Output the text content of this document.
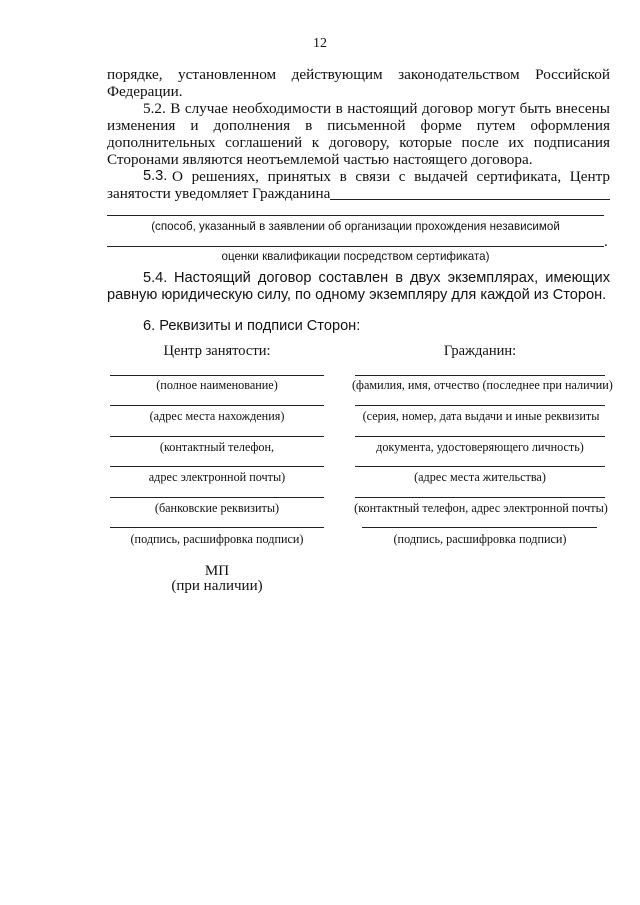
12
порядке, установленном действующим законодательством Российской
Федерации.
5.2. В случае необходимости в настоящий договор могут быть внесены
изменения и дополнения в письменной форме путем оформления
дополнительных соглашений к договору, которые после их подписания
Сторонами являются неотъемлемой частью настоящего договора.
5.3. О решениях, принятых в связи с выдачей сертификата, Центр
занятости уведомляет Гражданина
(способ, указанный в заявлении об организации прохождения независимой
.
оценки квалификации посредством сертификата)
5.4. Настоящий договор составлен в двух экземплярах, имеющих
равную юридическую силу, по одному экземпляру для каждой из Сторон.
6. Реквизиты и подписи Сторон:
Центр занятости:
(полное наименование)
(адрес места нахождения)
(контактный телефон,
адрес электронной почты)
(банковские реквизиты)
(подпись, расшифровка подписи)
МП
(при наличии)
Гражданин:
(фамилия, имя, отчество (последнее при наличии)
(серия, номер, дата выдачи и иные реквизиты
документа, удостоверяющего личность)
(адрес места жительства)
(контактный телефон, адрес электронной почты)
(подпись, расшифровка подписи)
